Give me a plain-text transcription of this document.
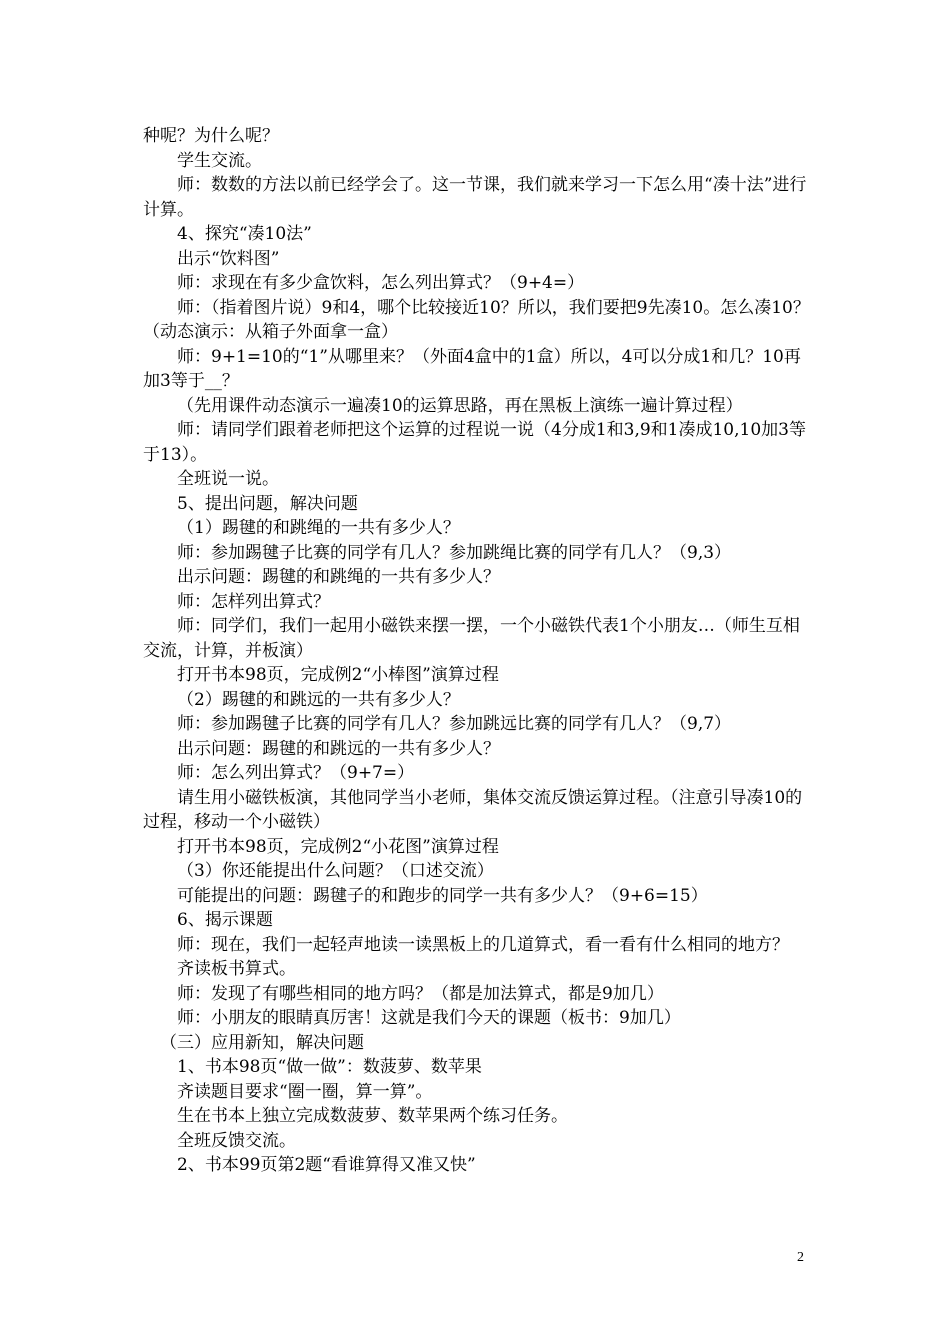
种呢？为什么呢？

学生交流。

师：数数的方法以前已经学会了。这一节课，我们就来学习一下怎么用“凑十法”进行计算。

4、探究“凑10法”

出示“饮料图”

师：求现在有多少盒饮料，怎么列出算式？（9+4=）

师：（指着图片说）9和4，哪个比较接近10？所以，我们要把9先凑10。怎么凑10？（动态演示：从箱子外面拿一盒）

师：9+1=10的“1”从哪里来？（外面4盒中的1盒）所以，4可以分成1和几？10再加3等于__？

（先用课件动态演示一遍凑10的运算思路，再在黑板上演练一遍计算过程）

师：请同学们跟着老师把这个运算的过程说一说（4分成1和3,9和1凑成10,10加3等于13）。

全班说一说。

5、提出问题，解决问题

（1）踢毽的和跳绳的一共有多少人？

师：参加踢毽子比赛的同学有几人？参加跳绳比赛的同学有几人？（9,3）

出示问题：踢毽的和跳绳的一共有多少人？

师：怎样列出算式？

师：同学们，我们一起用小磁铁来摆一摆，一个小磁铁代表1个小朋友…（师生互相交流，计算，并板演）

打开书本98页，完成例2“小棒图”演算过程

（2）踢毽的和跳远的一共有多少人？

师：参加踢毽子比赛的同学有几人？参加跳远比赛的同学有几人？（9,7）

出示问题：踢毽的和跳远的一共有多少人？

师：怎么列出算式？（9+7=）

请生用小磁铁板演，其他同学当小老师，集体交流反馈运算过程。（注意引导凑10的过程，移动一个小磁铁）

打开书本98页，完成例2“小花图”演算过程

（3）你还能提出什么问题？（口述交流）

可能提出的问题：踢毽子的和跑步的同学一共有多少人？（9+6=15）

6、揭示课题

师：现在，我们一起轻声地读一读黑板上的几道算式，看一看有什么相同的地方？

齐读板书算式。

师：发现了有哪些相同的地方吗？（都是加法算式，都是9加几）

师：小朋友的眼睛真厉害！这就是我们今天的课题（板书：9加几）

（三）应用新知，解决问题

1、书本98页“做一做”：数菠萝、数苹果

齐读题目要求“圈一圈，算一算”。

生在书本上独立完成数菠萝、数苹果两个练习任务。

全班反馈交流。

2、书本99页第2题“看谁算得又准又快”

2
